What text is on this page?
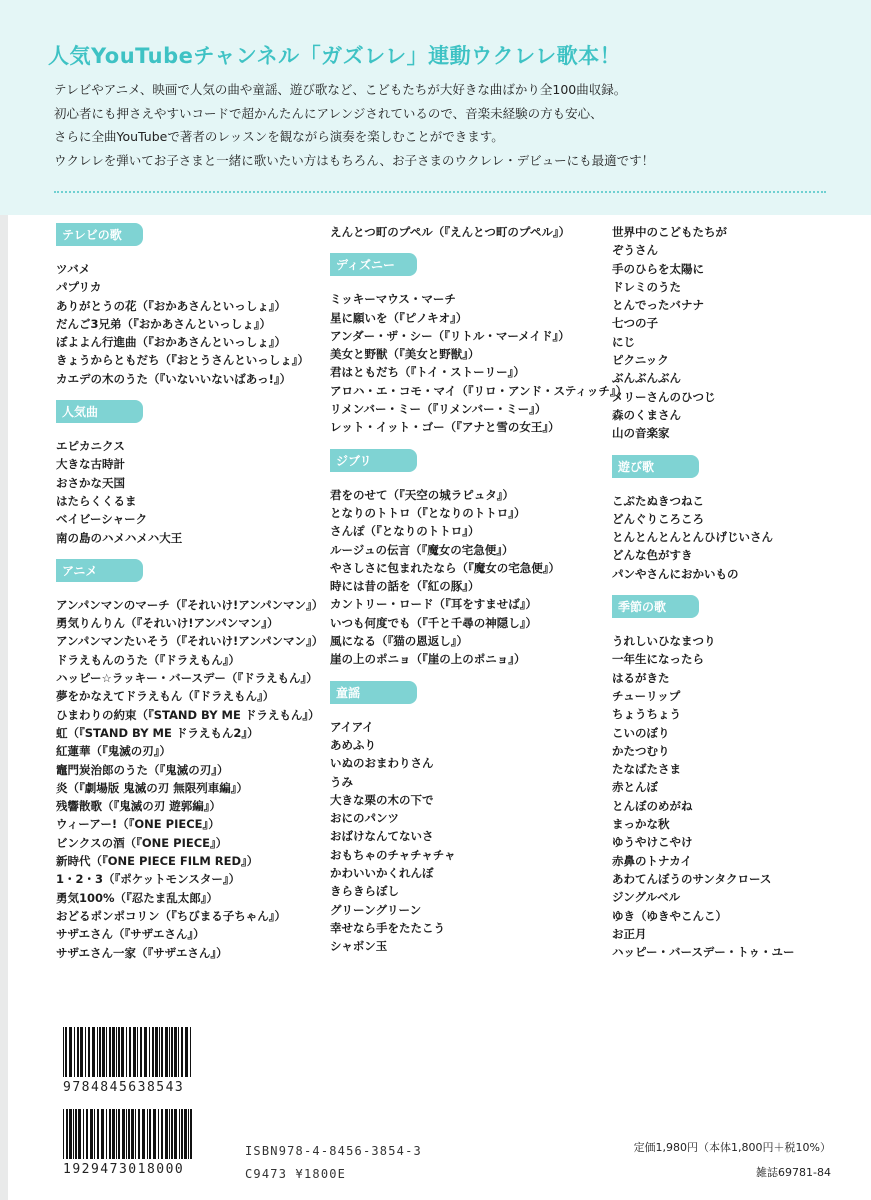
人気YouTubeチャンネル「ガズレレ」連動ウクレレ歌本！
テレビやアニメ、映画で人気の曲や童謡、遊び歌など、こどもたちが大好きな曲ばかり全100曲収録。
初心者にも押さえやすいコードで超かんたんにアレンジされているので、音楽未経験の方も安心、
さらに全曲YouTubeで著者のレッスンを観ながら演奏を楽しむことができます。
ウクレレを弾いてお子さまと一緒に歌いたい方はもちろん、お子さまのウクレレ・デビューにも最適です！
テレビの歌
ツバメ
パプリカ
ありがとうの花（『おかあさんといっしょ』）
だんご3兄弟（『おかあさんといっしょ』）
ぼよよん行進曲（『おかあさんといっしょ』）
きょうからともだち（『おとうさんといっしょ』）
カエデの木のうた（『いないいないばあっ!』）
人気曲
エピカニクス
大きな古時計
おさかな天国
はたらくくるま
ベイビーシャーク
南の島のハメハメハ大王
アニメ
アンパンマンのマーチ（『それいけ!アンパンマン』）
勇気りんりん（『それいけ!アンパンマン』）
アンパンマンたいそう（『それいけ!アンパンマン』）
ドラえもんのうた（『ドラえもん』）
ハッピー☆ラッキー・バースデー（『ドラえもん』）
夢をかなえてドラえもん（『ドラえもん』）
ひまわりの約束（『STAND BY ME ドラえもん』）
虹（『STAND BY ME ドラえもん2』）
紅蓮華（『鬼滅の刃』）
竈門炭治郎のうた（『鬼滅の刃』）
炎（『劇場版 鬼滅の刃 無限列車編』）
残響散歌（『鬼滅の刃 遊郭編』）
ウィーアー!（『ONE PIECE』）
ビンクスの酒（『ONE PIECE』）
新時代（『ONE PIECE FILM RED』）
1・2・3（『ポケットモンスター』）
勇気100%（『忍たま乱太郎』）
おどるポンポコリン（『ちびまる子ちゃん』）
サザエさん（『サザエさん』）
サザエさん一家（『サザエさん』）
えんとつ町のプペル（『えんとつ町のプペル』）
ディズニー
ミッキーマウス・マーチ
星に願いを（『ピノキオ』）
アンダー・ザ・シー（『リトル・マーメイド』）
美女と野獣（『美女と野獣』）
君はともだち（『トイ・ストーリー』）
アロハ・エ・コモ・マイ（『リロ・アンド・スティッチ』）
リメンバー・ミー（『リメンバー・ミー』）
レット・イット・ゴー（『アナと雪の女王』）
ジブリ
君をのせて（『天空の城ラピュタ』）
となりのトトロ（『となりのトトロ』）
さんぽ（『となりのトトロ』）
ルージュの伝言（『魔女の宅急便』）
やさしさに包まれたなら（『魔女の宅急便』）
時には昔の話を（『紅の豚』）
カントリー・ロード（『耳をすませば』）
いつも何度でも（『千と千尋の神隠し』）
風になる（『猫の恩返し』）
崖の上のポニョ（『崖の上のポニョ』）
童謡
アイアイ
あめふり
いぬのおまわりさん
うみ
大きな栗の木の下で
おにのパンツ
おばけなんてないさ
おもちゃのチャチャチャ
かわいいかくれんぼ
きらきらぼし
グリーングリーン
幸せなら手をたたこう
シャボン玉
世界中のこどもたちが
ぞうさん
手のひらを太陽に
ドレミのうた
とんでったバナナ
七つの子
にじ
ピクニック
ぶんぶんぶん
メリーさんのひつじ
森のくまさん
山の音楽家
遊び歌
こぶたぬきつねこ
どんぐりころころ
とんとんとんとんひげじいさん
どんな色がすき
パンやさんにおかいもの
季節の歌
うれしいひなまつり
一年生になったら
はるがきた
チューリップ
ちょうちょう
こいのぼり
かたつむり
たなばたさま
赤とんぼ
とんぼのめがね
まっかな秋
ゆうやけこやけ
赤鼻のトナカイ
あわてんぼうのサンタクロース
ジングルベル
ゆき（ゆきやこんこ）
お正月
ハッピー・バースデー・トゥ・ユー
9784845638543
1929473018000
ISBN978-4-8456-3854-3
C9473 ¥1800E
定価1,980円（本体1,800円＋税10%）
雑誌69781-84
